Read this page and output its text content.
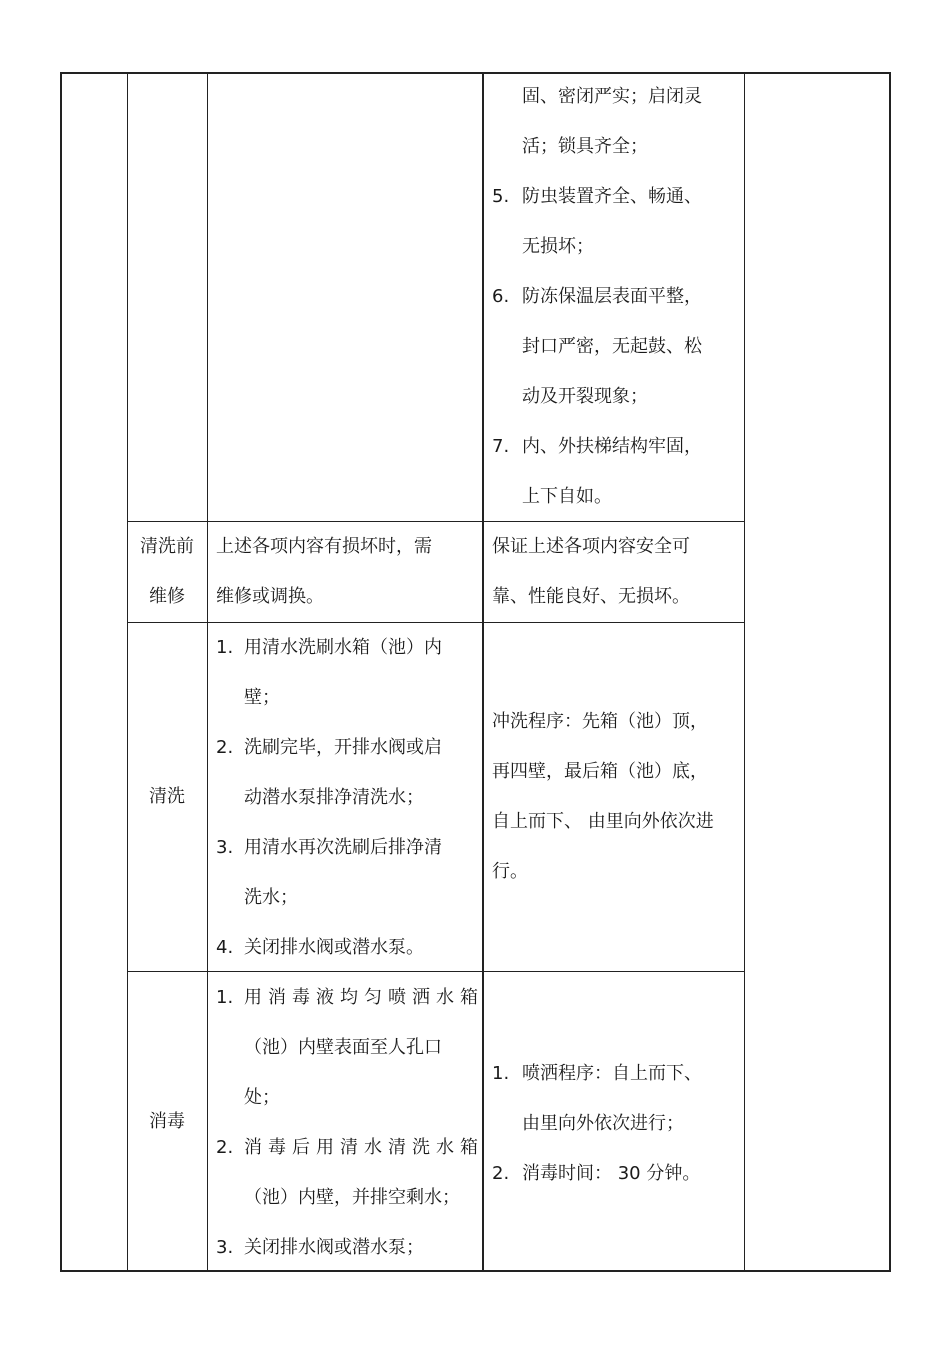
固、密闭严实；启闭灵
活；锁具齐全；
5. 防虫装置齐全、畅通、
无损坏；
6. 防冻保温层表面平整，
封口严密，无起鼓、松
动及开裂现象；
7. 内、外扶梯结构牢固，
上下自如。
清洗前
维修
上述各项内容有损坏时，需
维修或调换。
保证上述各项内容安全可
靠、性能良好、无损坏。
清洗
1. 用清水洗刷水箱（池）内
壁；
2. 洗刷完毕，开排水阀或启
动潜水泵排净清洗水；
3. 用清水再次洗刷后排净清
洗水；
4. 关闭排水阀或潜水泵。
冲洗程序：先箱（池）顶，
再四壁，最后箱（池）底，
自上而下、 由里向外依次进
行。
消毒
1. 用消毒液均匀喷洒水箱
（池）内壁表面至人孔口
处；
2. 消毒后用清水清洗水箱
（池）内壁，并排空剩水；
3. 关闭排水阀或潜水泵；
1. 喷洒程序：自上而下、
由里向外依次进行；
2. 消毒时间： 30 分钟。
